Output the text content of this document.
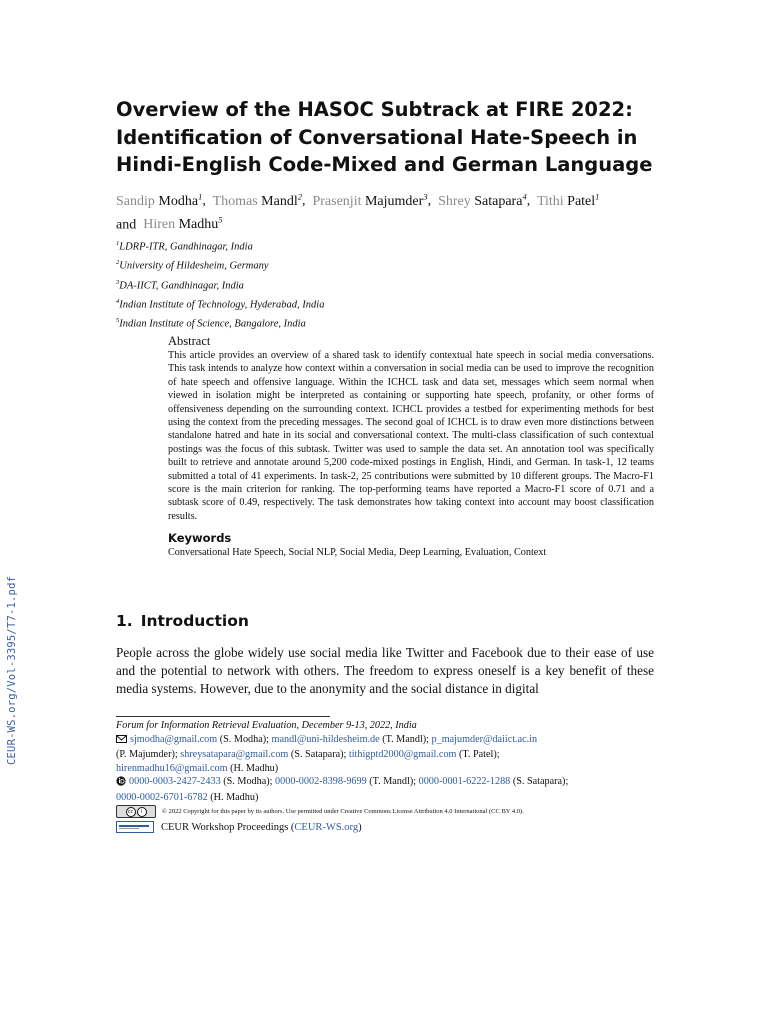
CEUR-WS.org/Vol-3395/T7-1.pdf
Overview of the HASOC Subtrack at FIRE 2022:
Identification of Conversational Hate-Speech in
Hindi-English Code-Mixed and German Language
Sandip Modha$^1$,  Thomas Mandl$^2$,  Prasenjit Majumder$^3$,  Shrey Satapara$^4$,  Tithi Patel$^1$
and Hiren Madhu$^5$
$^1$LDRP-ITR, Gandhinagar, India
$^2$University of Hildesheim, Germany
$^3$DA-IICT, Gandhinagar, India
$^4$Indian Institute of Technology, Hyderabad, India
$^5$Indian Institute of Science, Bangalore, India
Abstract
This article provides an overview of a shared task to identify contextual hate speech in social media conversations. This task intends to analyze how context within a conversation in social media can be used to improve the recognition of hate speech and offensive language. Within the ICHCL task and data set, messages which seem normal when viewed in isolation might be interpreted as containing or supporting hate speech, profanity, or other forms of offensiveness depending on the surrounding context. ICHCL provides a testbed for experimenting methods for best using the context from the preceding messages. The second goal of ICHCL is to draw even more distinctions between standalone hatred and hate in its social and conversational context. The multi-class classification of such contextual postings was the focus of this subtask. Twitter was used to sample the data set. An annotation tool was specifically built to retrieve and annotate around 5,200 code-mixed postings in English, Hindi, and German. In task-1, 12 teams submitted a total of 41 experiments. In task-2, 25 contributions were submitted by 10 different groups. The Macro-F1 score is the main criterion for ranking. The top-performing teams have reported a Macro-F1 score of 0.71 and a subtask score of 0.49, respectively. The task demonstrates how taking context into account may boost classification results.
Keywords
Conversational Hate Speech, Social NLP, Social Media, Deep Learning, Evaluation, Context
1. Introduction
People across the globe widely use social media like Twitter and Facebook due to their ease of use and the potential to network with others. The freedom to express oneself is a key benefit of these media systems. However, due to the anonymity and the social distance in digital
Forum for Information Retrieval Evaluation, December 9-13, 2022, India
sjmodha@gmail.com (S. Modha); mandl@uni-hildesheim.de (T. Mandl); p_majumder@daiict.ac.in
(P. Majumder); shreysatapara@gmail.com (S. Satapara); tithigptd2000@gmail.com (T. Patel);
hirenmadhu16@gmail.com (H. Madhu)
0000-0003-2427-2433 (S. Modha); 0000-0002-8398-9699 (T. Mandl); 0000-0001-6222-1288 (S. Satapara);
0000-0002-6701-6782 (H. Madhu)
cc	i	© 2022 Copyright for this paper by its authors. Use permitted under Creative Commons License Attribution 4.0 International (CC BY 4.0).
CEUR Workshop Proceedings ( CEUR-WS.org )
